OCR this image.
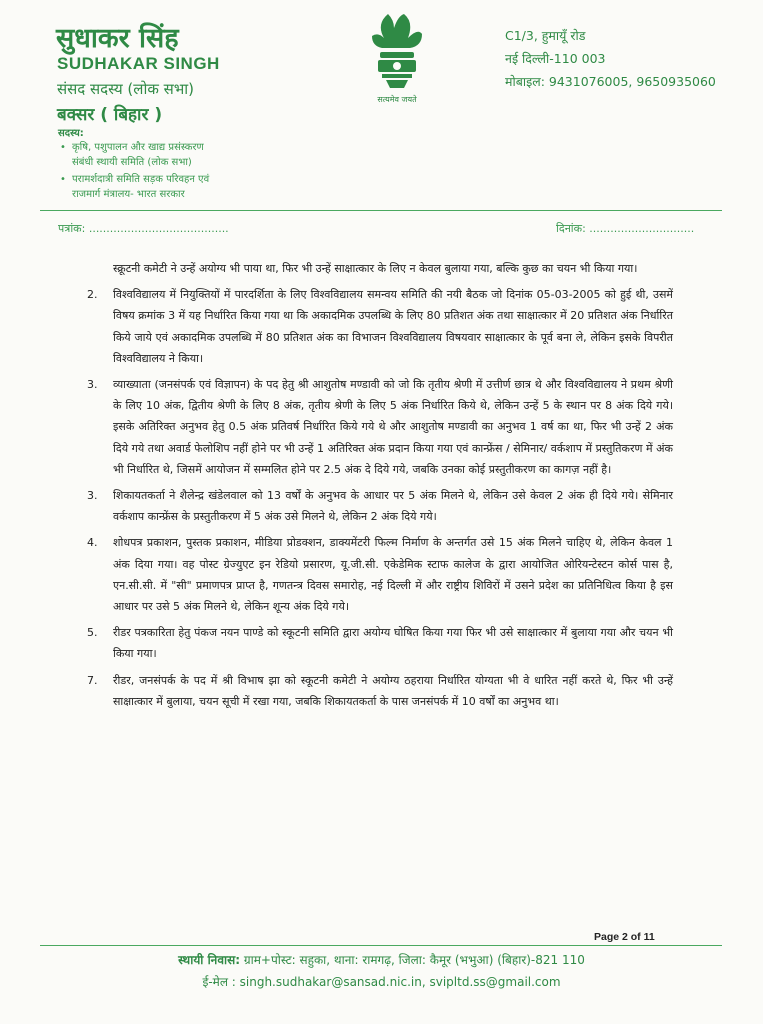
सुधाकर सिंह
SUDHAKAR SINGH
संसद सदस्य (लोक सभा)
बक्सर ( बिहार )
सदस्य:
• कृषि, पशुपालन और खाद्य प्रसंस्करण
संबंधी स्थायी समिति (लोक सभा)
• परामर्शदात्री समिति सड़क परिवहन एवं
राजमार्ग मंत्रालय- भारत सरकार
सत्यमेव जयते
C1/3, हुमायूँ रोड
नई दिल्ली-110 003
मोबाइल: 9431076005, 9650935060
पत्रांक: ........................................	दिनांक: ..............................

स्क्रूटनी कमेटी ने उन्हें अयोग्य भी पाया था, फिर भी उन्हें साक्षात्कार के लिए न केवल बुलाया गया, बल्कि कुछ का चयन भी किया गया।

2. विश्वविद्यालय में नियुक्तियों में पारदर्शिता के लिए विश्वविद्यालय समन्वय समिति की नयी बैठक जो दिनांक 05-03-2005 को हुई थी, उसमें विषय क्रमांक 3 में यह निर्धारित किया गया था कि अकादमिक उपलब्धि के लिए 80 प्रतिशत अंक तथा साक्षात्कार में 20 प्रतिशत अंक निर्धारित किये जाये एवं अकादमिक उपलब्धि में 80 प्रतिशत अंक का विभाजन विश्वविद्यालय विषयवार साक्षात्कार के पूर्व बना ले, लेकिन इसके विपरीत विश्वविद्यालय ने किया।

3. व्याख्याता (जनसंपर्क एवं विज्ञापन) के पद हेतु श्री आशुतोष मण्डावी को जो कि तृतीय श्रेणी में उत्तीर्ण छात्र थे और विश्वविद्यालय ने प्रथम श्रेणी के लिए 10 अंक, द्वितीय श्रेणी के लिए 8 अंक, तृतीय श्रेणी के लिए 5 अंक निर्धारित किये थे, लेकिन उन्हें 5 के स्थान पर 8 अंक दिये गये। इसके अतिरिक्त अनुभव हेतु 0.5 अंक प्रतिवर्ष निर्धारित किये गये थे और आशुतोष मण्डावी का अनुभव 1 वर्ष का था, फिर भी उन्हें 2 अंक दिये गये तथा अवार्ड फेलोशिप नहीं होने पर भी उन्हें 1 अतिरिक्त अंक प्रदान किया गया एवं कान्फ्रेंस / सेमिनार/ वर्कशाप में प्रस्तुतिकरण में अंक भी निर्धारित थे, जिसमें आयोजन में सम्मलित होने पर 2.5 अंक दे दिये गये, जबकि उनका कोई प्रस्तुतीकरण का कागज़ नहीं है।

3. शिकायतकर्ता ने शैलेन्द्र खंडेलवाल को 13 वर्षों के अनुभव के आधार पर 5 अंक मिलने थे, लेकिन उसे केवल 2 अंक ही दिये गये। सेमिनार वर्कशाप कान्फ्रेंस के प्रस्तुतीकरण में 5 अंक उसे मिलने थे, लेकिन 2 अंक दिये गये।

4. शोधपत्र प्रकाशन, पुस्तक प्रकाशन, मीडिया प्रोडक्शन, डाक्यमेंटरी फिल्म निर्माण के अन्तर्गत उसे 15 अंक मिलने चाहिए थे, लेकिन केवल 1 अंक दिया गया। वह पोस्ट ग्रेज्युएट इन रेडियो प्रसारण, यू.जी.सी. एकेडेमिक स्टाफ कालेज के द्वारा आयोजित ओरियन्टेस्टन कोर्स पास है, एन.सी.सी. में "सी" प्रमाणपत्र प्राप्त है, गणतन्त्र दिवस समारोह, नई दिल्ली में और राष्ट्रीय शिविरों में उसने प्रदेश का प्रतिनिधित्व किया है इस आधार पर उसे 5 अंक मिलने थे, लेकिन शून्य अंक दिये गये।

5. रीडर पत्रकारिता हेतु पंकज नयन पाण्डे को स्कूटनी समिति द्वारा अयोग्य घोषित किया गया फिर भी उसे साक्षात्कार में बुलाया गया और चयन भी किया गया।

7. रीडर, जनसंपर्क के पद में श्री विभाष झा को स्कूटनी कमेटी ने अयोग्य ठहराया निर्धारित योग्यता भी वे धारित नहीं करते थे, फिर भी उन्हें साक्षात्कार में बुलाया, चयन सूची में रखा गया, जबकि शिकायतकर्ता के पास जनसंपर्क में 10 वर्षों का अनुभव था।

Page 2 of 11
स्थायी निवास: ग्राम+पोस्ट: सहुका, थाना: रामगढ़, जिला: कैमूर (भभुआ) (बिहार)-821 110
ई-मेल : singh.sudhakar@sansad.nic.in, svipltd.ss@gmail.com
